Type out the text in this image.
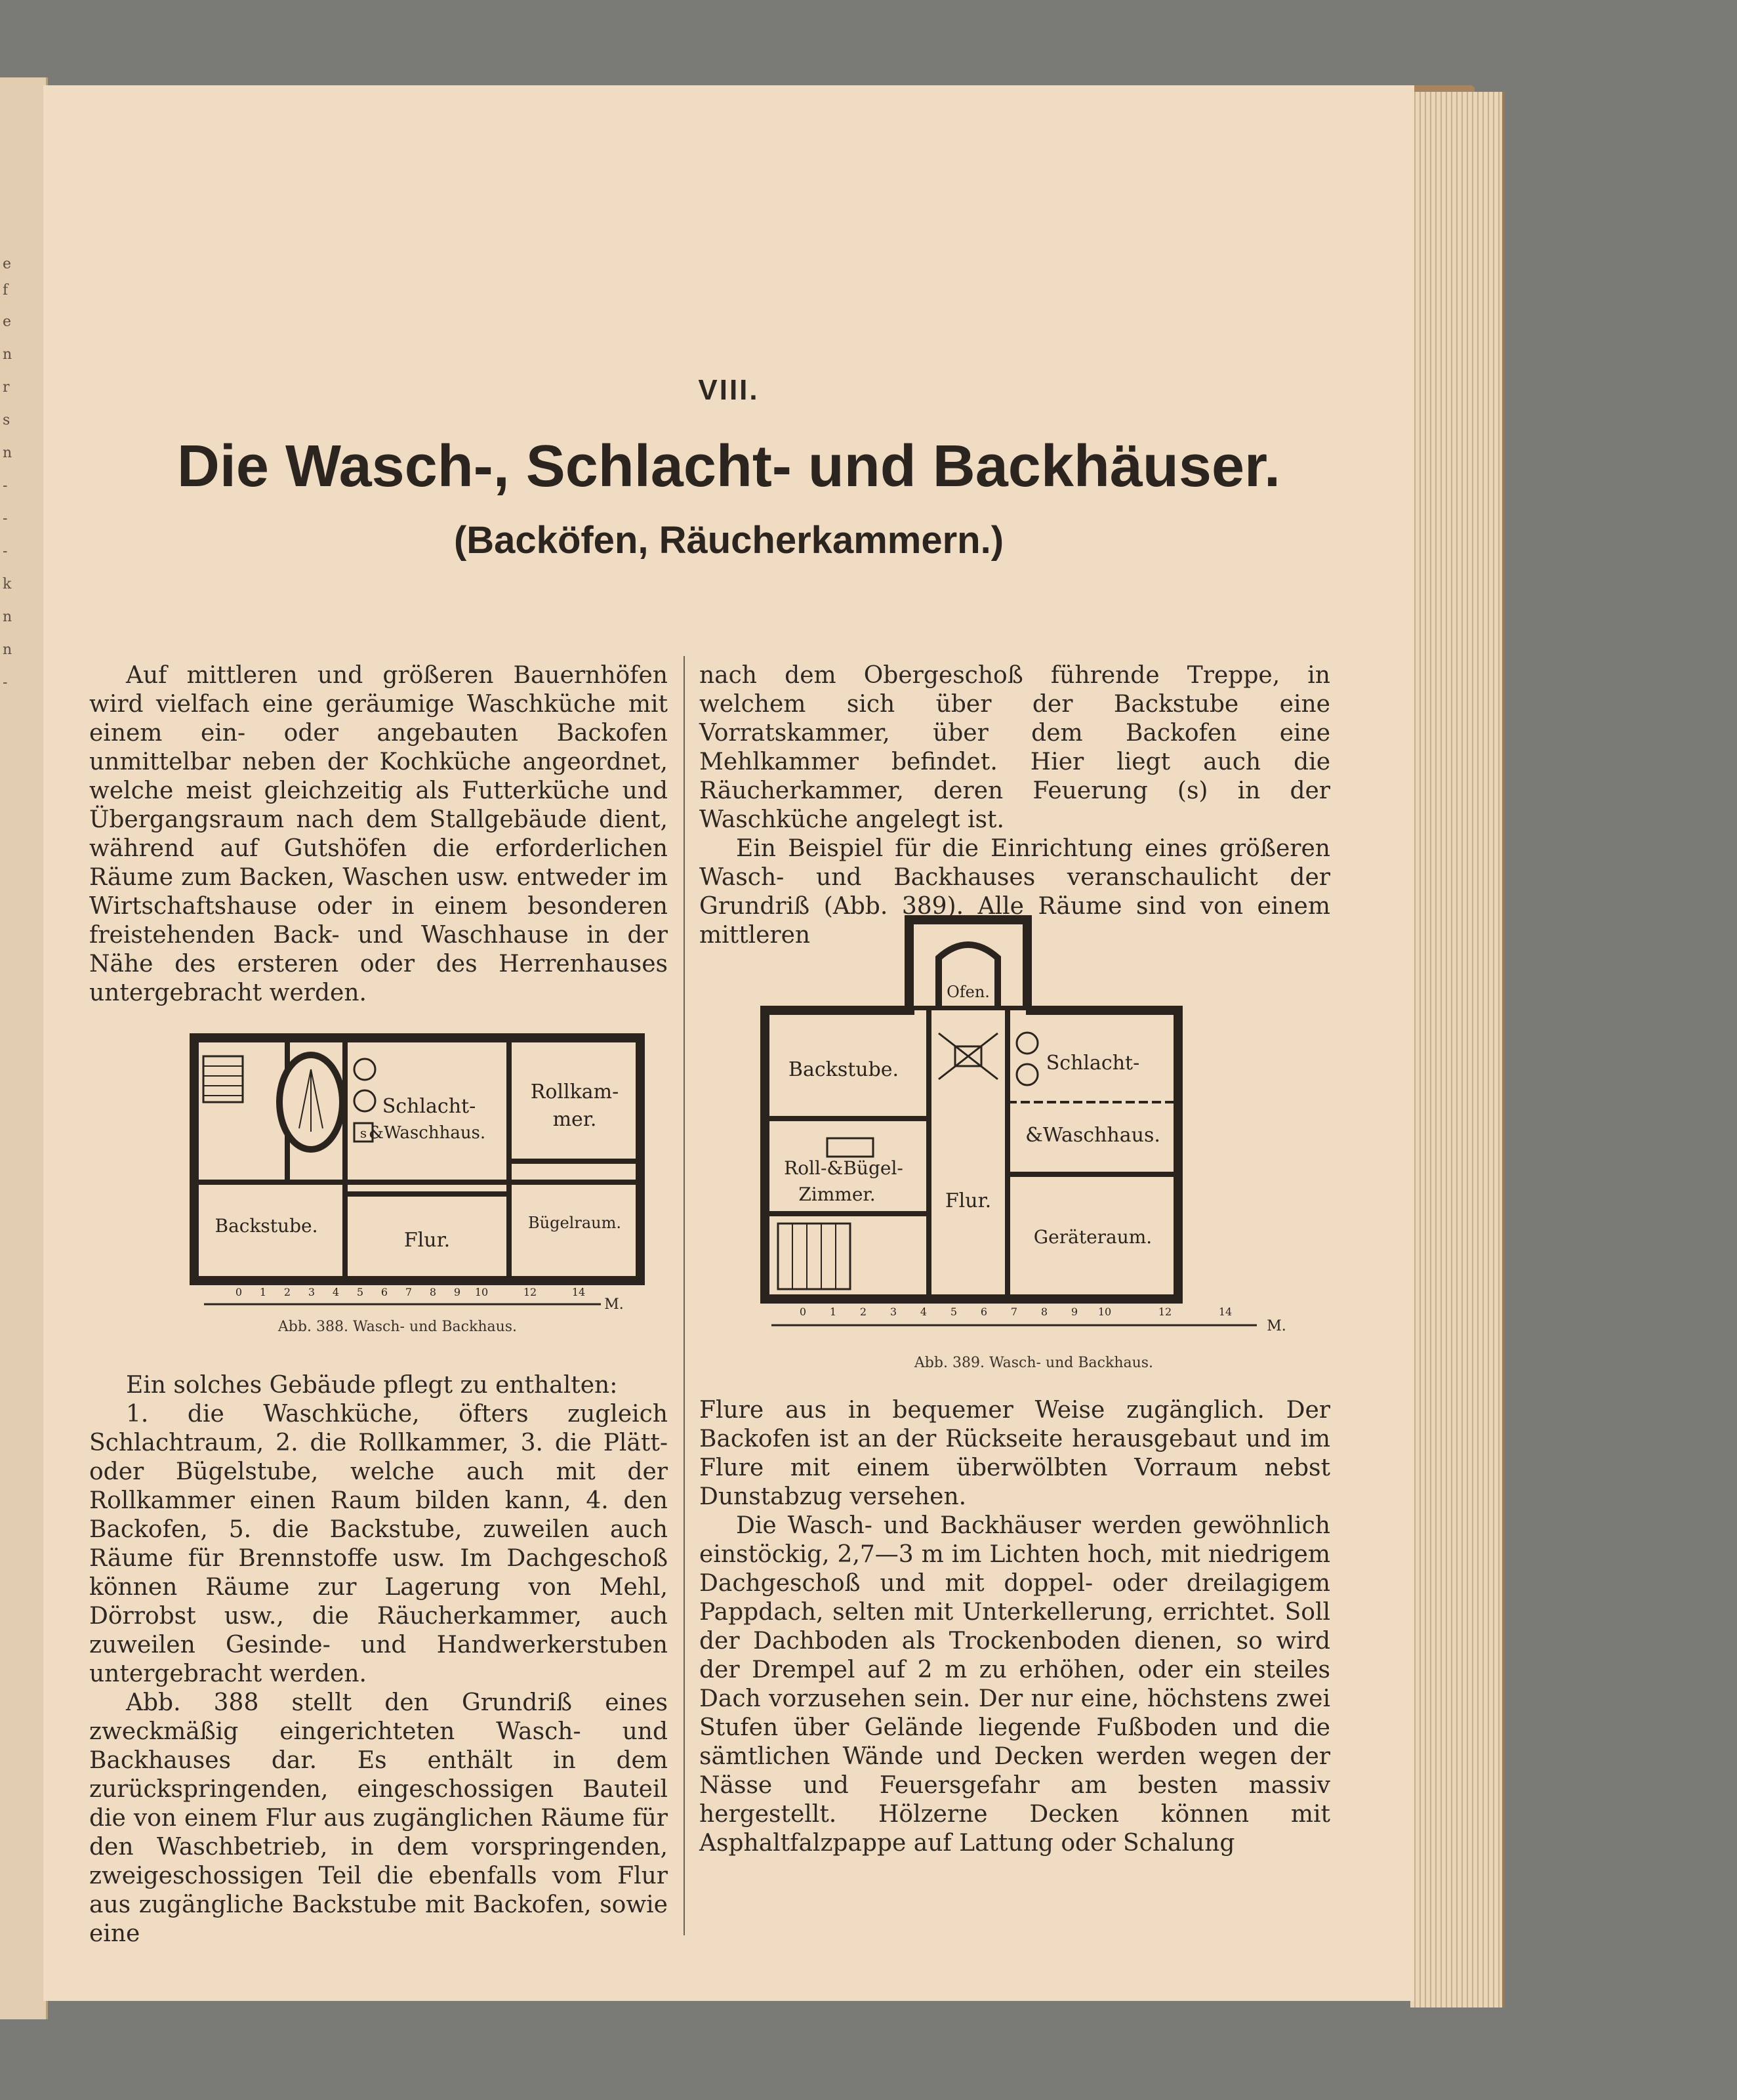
e
f
e
n
r
s
n
-
-
-
k
n
n
-
VIII.
Die Wasch-, Schlacht- und Backhäuser.
(Backöfen, Räucherkammern.)

Auf mittleren und größeren Bauernhöfen wird vielfach eine geräumige Waschküche mit einem ein- oder angebauten Backofen unmittelbar neben der Kochküche angeordnet, welche meist gleichzeitig als Futterküche und Übergangsraum nach dem Stallgebäude dient, während auf Gutshöfen die erforderlichen Räume zum Backen, Waschen usw. entweder im Wirtschaftshause oder in einem besonderen freistehenden Back- und Waschhause in der Nähe des ersteren oder des Herrenhauses untergebracht werden.

s
Schlacht-
&Waschhaus.
Rollkam-
mer.
Backstube.
Flur.
Bügelraum.
0 1 2 3 4 5 6 7 8 9 10	12	14
M.
Abb. 388. Wasch- und Backhaus.

Ein solches Gebäude pflegt zu enthalten:

1. die Waschküche, öfters zugleich Schlachtraum, 2. die Rollkammer, 3. die Plätt- oder Bügelstube, welche auch mit der Rollkammer einen Raum bilden kann, 4. den Backofen, 5. die Backstube, zuweilen auch Räume für Brennstoffe usw. Im Dachgeschoß können Räume zur Lagerung von Mehl, Dörrobst usw., die Räucherkammer, auch zuweilen Gesinde- und Handwerkerstuben untergebracht werden.

Abb. 388 stellt den Grundriß eines zweckmäßig eingerichteten Wasch- und Backhauses dar. Es enthält in dem zurückspringenden, eingeschossigen Bauteil die von einem Flur aus zugänglichen Räume für den Waschbetrieb, in dem vorspringenden, zweigeschossigen Teil die ebenfalls vom Flur aus zugängliche Backstube mit Backofen, sowie eine

nach dem Obergeschoß führende Treppe, in welchem sich über der Backstube eine Vorratskammer, über dem Backofen eine Mehlkammer befindet. Hier liegt auch die Räucherkammer, deren Feuerung (s) in der Waschküche angelegt ist.

Ein Beispiel für die Einrichtung eines größeren Wasch- und Backhauses veranschaulicht der Grundriß (Abb. 389). Alle Räume sind von einem mittleren

Ofen.
Backstube.	Schlacht-
&Waschhaus.
Roll-&Bügel-
Zimmer.	Flur.
Geräteraum.
0 1 2 3 4 5 6 7 8 9 10	12	14
M.
Abb. 389. Wasch- und Backhaus.

Flure aus in bequemer Weise zugänglich. Der Backofen ist an der Rückseite herausgebaut und im Flure mit einem überwölbten Vorraum nebst Dunstabzug versehen.

Die Wasch- und Backhäuser werden gewöhnlich einstöckig, 2,7—3 m im Lichten hoch, mit niedrigem Dachgeschoß und mit doppel- oder dreilagigem Pappdach, selten mit Unterkellerung, errichtet. Soll der Dachboden als Trockenboden dienen, so wird der Drempel auf 2 m zu erhöhen, oder ein steiles Dach vorzusehen sein. Der nur eine, höchstens zwei Stufen über Gelände liegende Fußboden und die sämtlichen Wände und Decken werden wegen der Nässe und Feuersgefahr am besten massiv hergestellt. Hölzerne Decken können mit Asphaltfalzpappe auf Lattung oder Schalung
